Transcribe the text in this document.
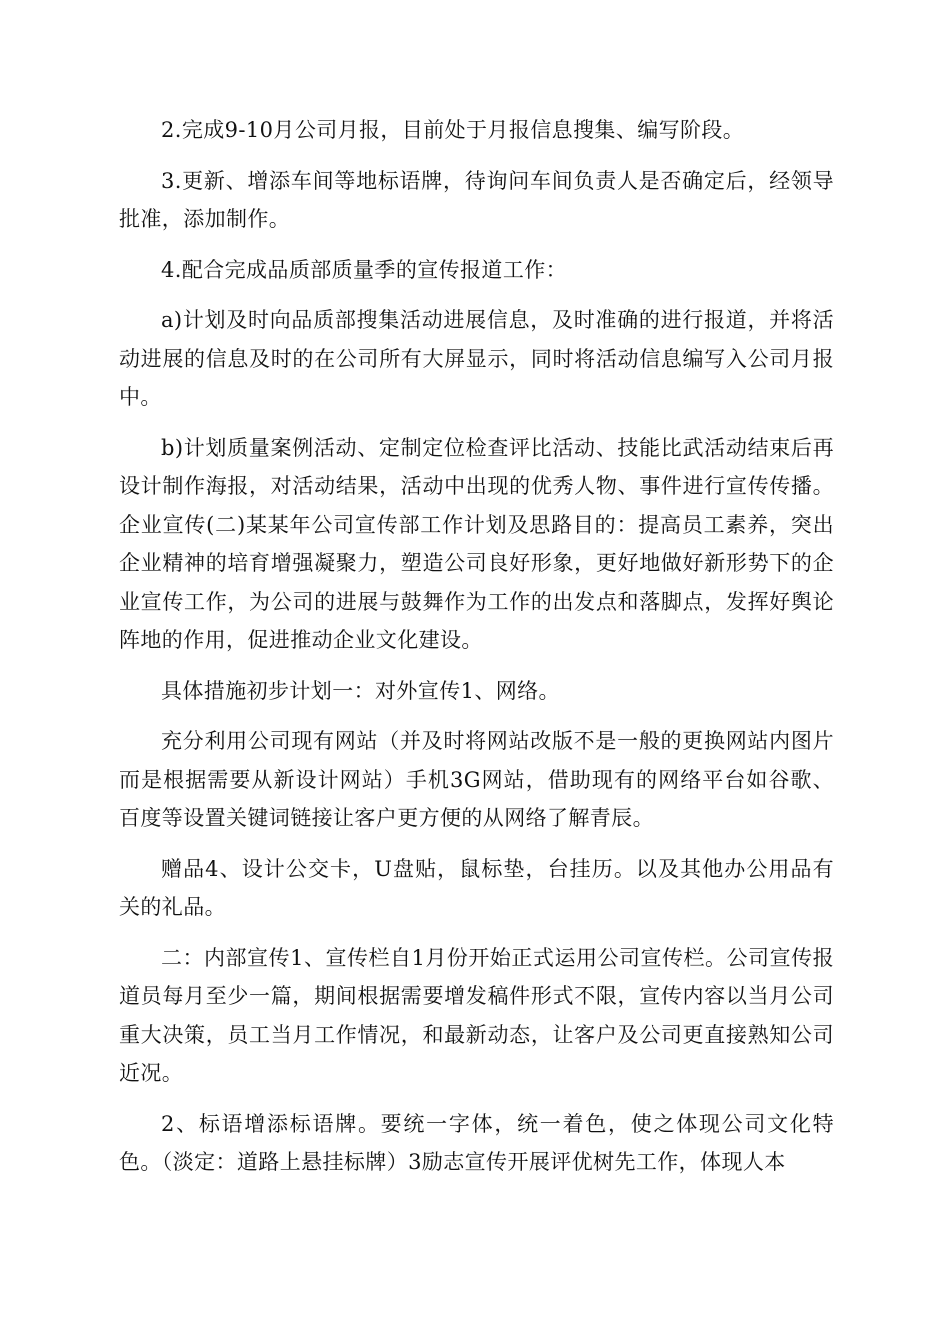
2.完成9-10月公司月报，目前处于月报信息搜集、编写阶段。

3.更新、增添车间等地标语牌，待询问车间负责人是否确定后，经领导批准，添加制作。

4.配合完成品质部质量季的宣传报道工作：

a)计划及时向品质部搜集活动进展信息，及时准确的进行报道，并将活动进展的信息及时的在公司所有大屏显示，同时将活动信息编写入公司月报中。

b)计划质量案例活动、定制定位检查评比活动、技能比武活动结束后再设计制作海报，对活动结果，活动中出现的优秀人物、事件进行宣传传播。企业宣传(二)某某年公司宣传部工作计划及思路目的：提高员工素养，突出企业精神的培育增强凝聚力，塑造公司良好形象，更好地做好新形势下的企业宣传工作，为公司的进展与鼓舞作为工作的出发点和落脚点，发挥好舆论阵地的作用，促进推动企业文化建设。

具体措施初步计划一：对外宣传1、网络。

充分利用公司现有网站（并及时将网站改版不是一般的更换网站内图片而是根据需要从新设计网站）手机3G网站，借助现有的网络平台如谷歌、百度等设置关键词链接让客户更方便的从网络了解青辰。

赠品4、设计公交卡，U盘贴，鼠标垫，台挂历。以及其他办公用品有关的礼品。

二：内部宣传1、宣传栏自1月份开始正式运用公司宣传栏。公司宣传报道员每月至少一篇，期间根据需要增发稿件形式不限，宣传内容以当月公司重大决策，员工当月工作情况，和最新动态，让客户及公司更直接熟知公司近况。

2、标语增添标语牌。要统一字体，统一着色，使之体现公司文化特色。（淡定：道路上悬挂标牌）3励志宣传开展评优树先工作，体现人本
